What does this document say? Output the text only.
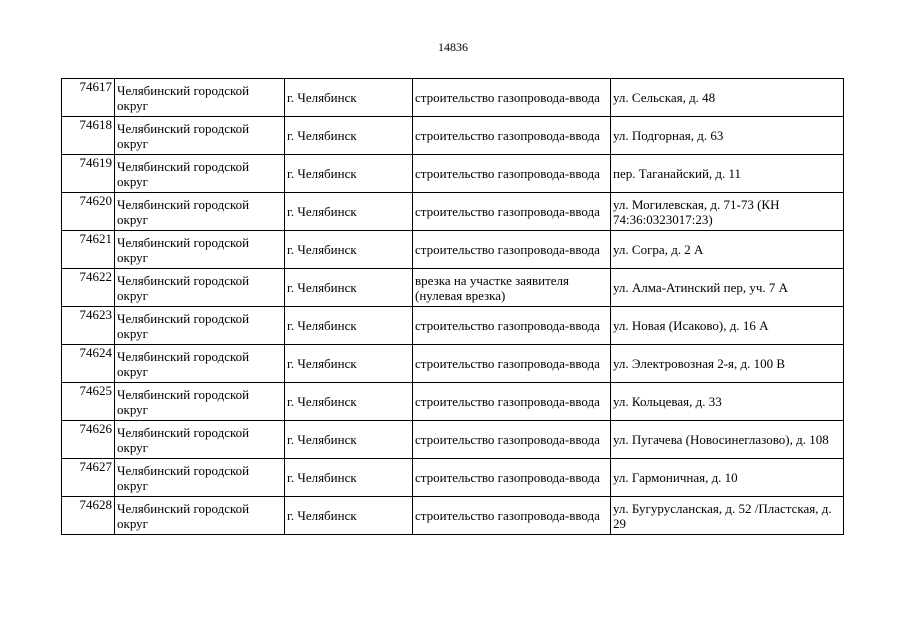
14836
74617	Челябинский городской округ	г. Челябинск	строительство газопровода-ввода	ул. Сельская, д. 48
74618	Челябинский городской округ	г. Челябинск	строительство газопровода-ввода	ул. Подгорная, д. 63
74619	Челябинский городской округ	г. Челябинск	строительство газопровода-ввода	пер. Таганайский, д. 11
74620	Челябинский городской округ	г. Челябинск	строительство газопровода-ввода	ул. Могилевская, д. 71-73 (КН 74:36:0323017:23)
74621	Челябинский городской округ	г. Челябинск	строительство газопровода-ввода	ул. Согра, д. 2 А
74622	Челябинский городской округ	г. Челябинск	врезка на участке заявителя (нулевая врезка)	ул. Алма-Атинский пер, уч. 7 А
74623	Челябинский городской округ	г. Челябинск	строительство газопровода-ввода	ул. Новая (Исаково), д. 16 А
74624	Челябинский городской округ	г. Челябинск	строительство газопровода-ввода	ул. Электровозная 2-я, д. 100 В
74625	Челябинский городской округ	г. Челябинск	строительство газопровода-ввода	ул. Кольцевая, д. 33
74626	Челябинский городской округ	г. Челябинск	строительство газопровода-ввода	ул. Пугачева (Новосинеглазово), д. 108
74627	Челябинский городской округ	г. Челябинск	строительство газопровода-ввода	ул. Гармоничная, д. 10
74628	Челябинский городской округ	г. Челябинск	строительство газопровода-ввода	ул. Бугурусланская, д. 52 /Пластская, д. 29
